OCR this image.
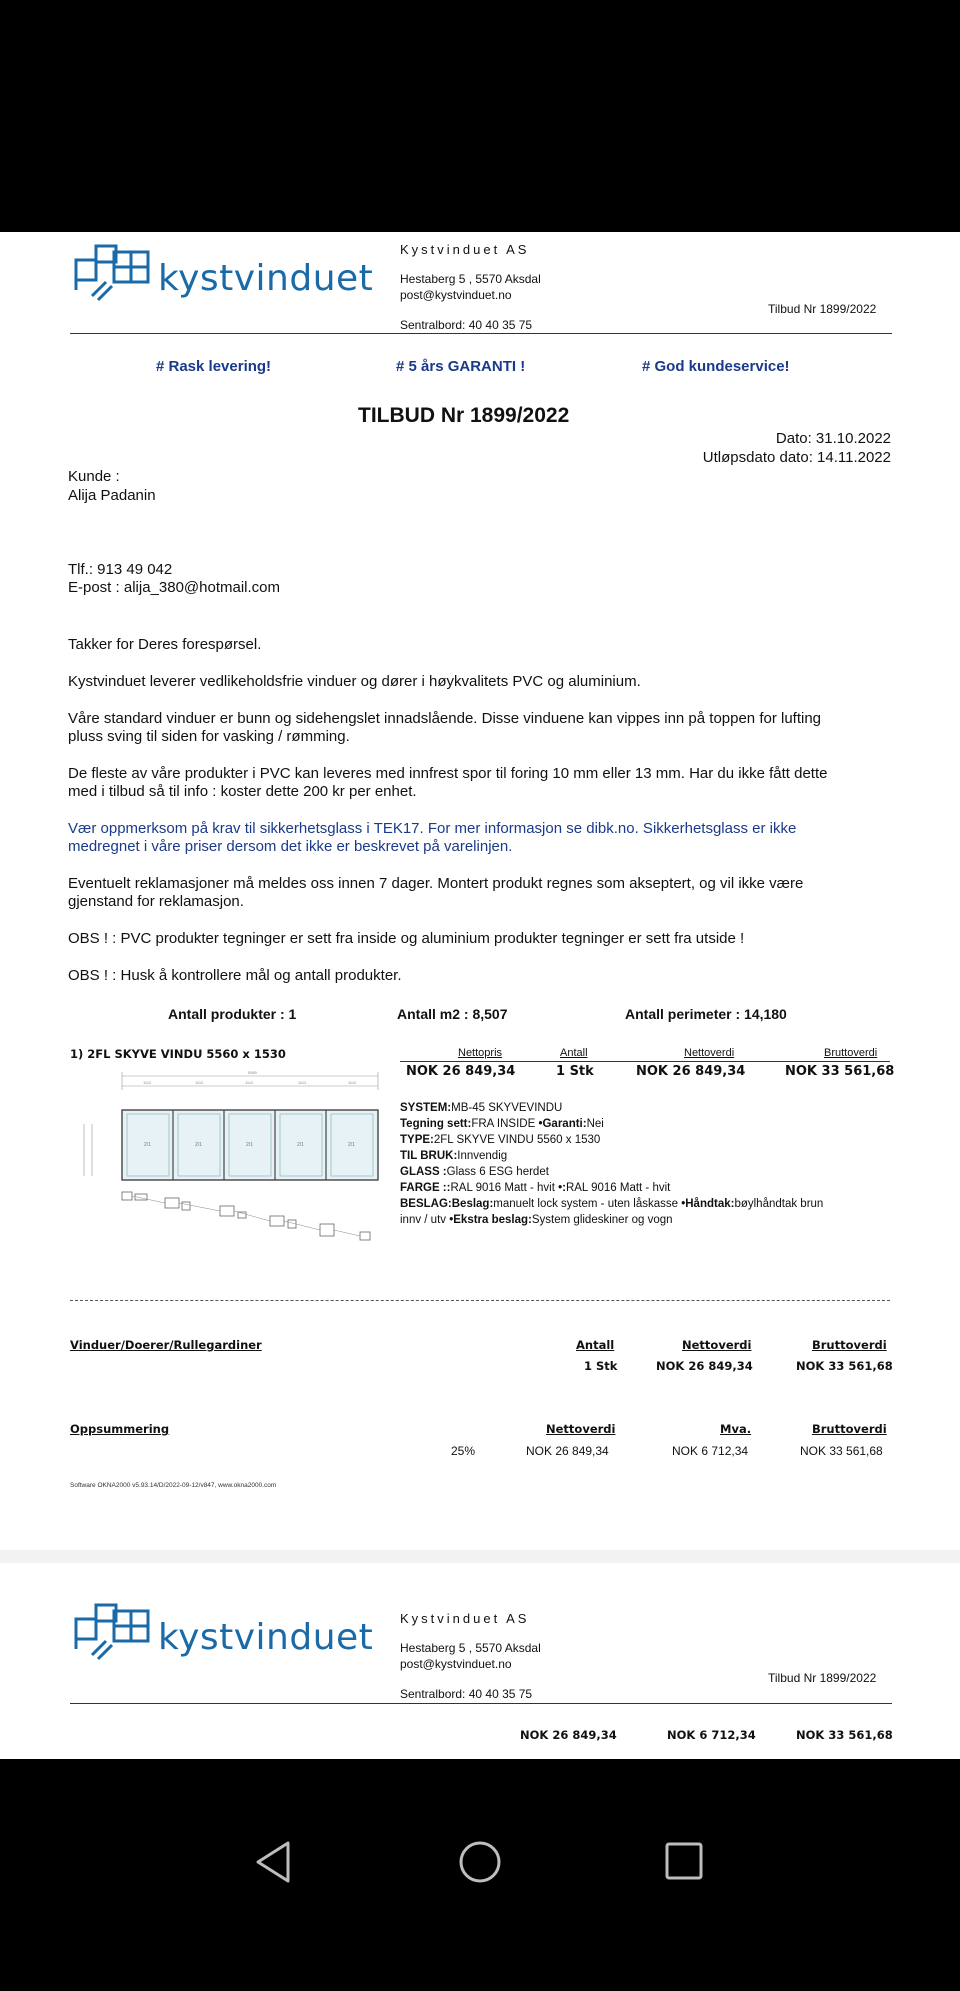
kystvinduet
Kystvinduet AS
Hestaberg 5 , 5570 Aksdal
post@kystvinduet.no
Tilbud Nr 1899/2022
Sentralbord: 40 40 35 75
# Rask levering!	# 5 års GARANTI !	# God kundeservice!
TILBUD Nr 1899/2022
Dato: 31.10.2022
Utløpsdato dato: 14.11.2022
Kunde :
Alija Padanin
Tlf.: 913 49 042
E-post : alija_380@hotmail.com
Takker for Deres forespørsel.
Kystvinduet leverer vedlikeholdsfrie vinduer og dører i høykvalitets PVC og aluminium.
Våre standard vinduer er bunn og sidehengslet innadslående. Disse vinduene kan vippes inn på toppen for lufting
pluss sving til siden for vasking / rømming.
De fleste av våre produkter i PVC kan leveres med innfrest spor til foring 10 mm eller 13 mm. Har du ikke fått dette
med i tilbud så til info : koster dette 200 kr per enhet.
Vær oppmerksom på krav til sikkerhetsglass i TEK17. For mer informasjon se dibk.no. Sikkerhetsglass er ikke
medregnet i våre priser dersom det ikke er beskrevet på varelinjen.
Eventuelt reklamasjoner må meldes oss innen 7 dager. Montert produkt regnes som akseptert, og vil ikke være
gjenstand for reklamasjon.
OBS ! : PVC produkter tegninger er sett fra inside og aluminium produkter tegninger er sett fra utside !
OBS ! : Husk å kontrollere mål og antall produkter.
Antall produkter : 1	Antall m2 : 8,507	Antall perimeter : 14,180
1) 2FL SKYVE VINDU 5560 x 1530	Nettopris	Antall	Nettoverdi	Bruttoverdi
NOK 26 849,34	1 Stk	NOK 26 849,34	NOK 33 561,68
1112	1112	1112	1112	1112
5560
2/1	2/1	2/1	2/1	2/1
SYSTEM:MB-45 SKYVEVINDU
Tegning sett:FRA INSIDE •Garanti:Nei
TYPE:2FL SKYVE VINDU 5560 x 1530
TIL BRUK:Innvendig
GLASS :Glass 6 ESG herdet
FARGE ::RAL 9016 Matt - hvit •:RAL 9016 Matt - hvit
BESLAG:Beslag:manuelt lock system - uten låskasse •Håndtak:bøylhåndtak brun
innv / utv •Ekstra beslag:System glideskiner og vogn
Vinduer/Doerer/Rullegardiner	Antall	Nettoverdi	Bruttoverdi
1 Stk	NOK 26 849,34	NOK 33 561,68
Oppsummering	Nettoverdi	Mva.	Bruttoverdi
25%	NOK 26 849,34	NOK 6 712,34	NOK 33 561,68
Software OKNA2000 v5.93.14/D/2022-09-12/v847, www.okna2000.com
kystvinduet Kystvinduet AS
Hestaberg 5 , 5570 Aksdal
post@kystvinduet.no
Tilbud Nr 1899/2022
Sentralbord: 40 40 35 75
NOK 26 849,34	NOK 6 712,34	NOK 33 561,68
